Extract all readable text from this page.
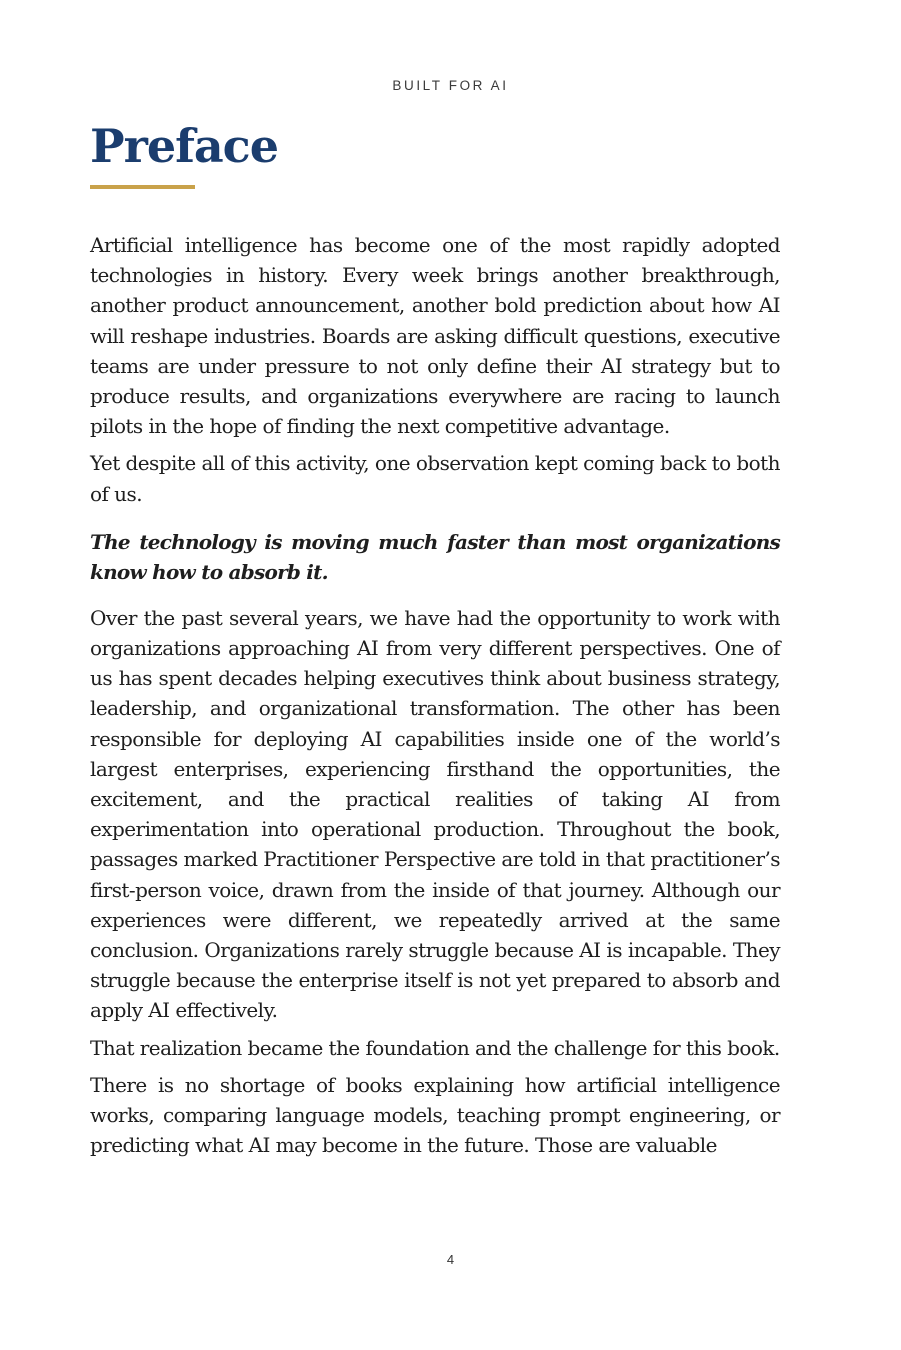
BUILT FOR AI
Preface

Artificial intelligence has become one of the most rapidly adopted technologies in history. Every week brings another breakthrough, another product announcement, another bold prediction about how AI will reshape industries. Boards are asking difficult questions, executive teams are under pressure to not only define their AI strategy but to produce results, and organizations everywhere are racing to launch pilots in the hope of finding the next competitive advantage.

Yet despite all of this activity, one observation kept coming back to both of us.

The technology is moving much faster than most organizations know how to absorb it.

Over the past several years, we have had the opportunity to work with organizations approaching AI from very different perspectives. One of us has spent decades helping executives think about business strategy, leadership, and organizational transformation. The other has been responsible for deploying AI capabilities inside one of the world’s largest enterprises, experiencing firsthand the opportunities, the excitement, and the practical realities of taking AI from experimentation into operational production. Throughout the book, passages marked Practitioner Perspective are told in that practitioner’s first-person voice, drawn from the inside of that journey. Although our experiences were different, we repeatedly arrived at the same conclusion. Organizations rarely struggle because AI is incapable. They struggle because the enterprise itself is not yet prepared to absorb and apply AI effectively.

That realization became the foundation and the challenge for this book.

There is no shortage of books explaining how artificial intelligence works, comparing language models, teaching prompt engineering, or predicting what AI may become in the future. Those are valuable

4
